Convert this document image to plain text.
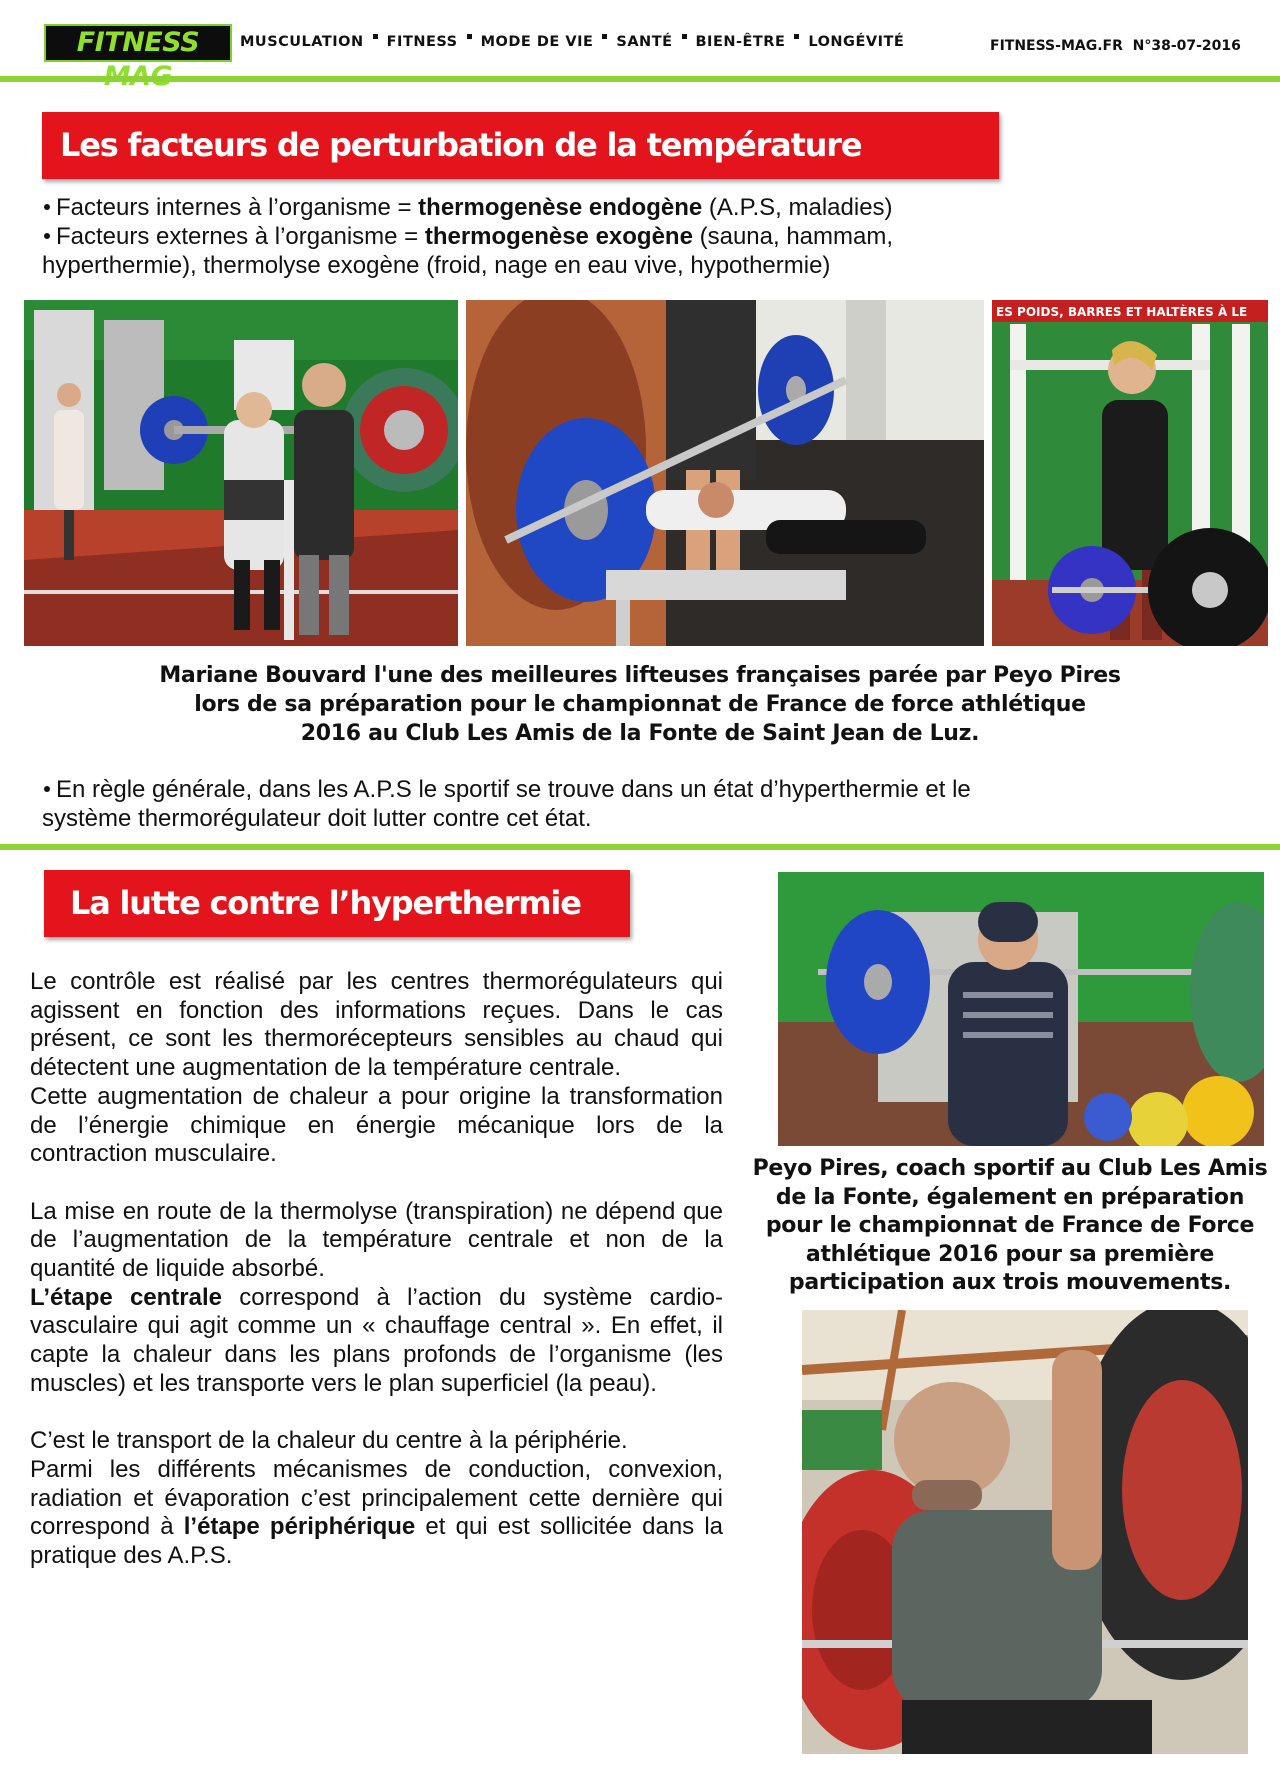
FITNESS	MUSCULATION FITNESS MODE DE VIE SANTÉ BIEN-ÊTRE LONGÉVITÉ	FITNESS-MAG.FR  N°38-07-2016
Les facteurs de perturbation de la température

Facteurs internes à l’organisme = thermogenèse endogène (A.P.S, maladies)

Facteurs externes à l’organisme = thermogenèse exogène (sauna, hammam,

hyperthermie), thermolyse exogène (froid, nage en eau vive, hypothermie)

ES POIDS, BARRES ET HALTÈRES À LE
Mariane Bouvard l'une des meilleures lifteuses françaises parée par Peyo Pires
lors de sa préparation pour le championnat de France de force athlétique
2016 au Club Les Amis de la Fonte de Saint Jean de Luz.
En règle générale, dans les A.P.S le sportif se trouve dans un état d’hyperthermie et le
système thermorégulateur doit lutter contre cet état.
La lutte contre l’hyperthermie

Le contrôle est réalisé par les centres thermorégulateurs qui agissent en fonction des informations reçues. Dans le cas présent, ce sont les thermorécepteurs sensibles au chaud qui détectent une augmentation de la température centrale.

Cette augmentation de chaleur a pour origine la transformation de l’énergie chimique en énergie mécanique lors de la contraction musculaire.

La mise en route de la thermolyse (transpiration) ne dépend que de l’augmentation de la température centrale et non de la quantité de liquide absorbé.

L’étape centrale correspond à l’action du système cardio-vasculaire qui agit comme un « chauffage central ». En effet, il capte la chaleur dans les plans profonds de l’organisme (les muscles) et les transporte vers le plan superficiel (la peau).

C’est le transport de la chaleur du centre à la périphérie.

Parmi les différents mécanismes de conduction, convexion, radiation et évaporation c’est principalement cette dernière qui correspond à l’étape périphérique et qui est sollicitée dans la pratique des A.P.S.

Peyo Pires, coach sportif au Club Les Amis
de la Fonte, également en préparation
pour le championnat de France de Force
athlétique 2016 pour sa première
participation aux trois mouvements.
